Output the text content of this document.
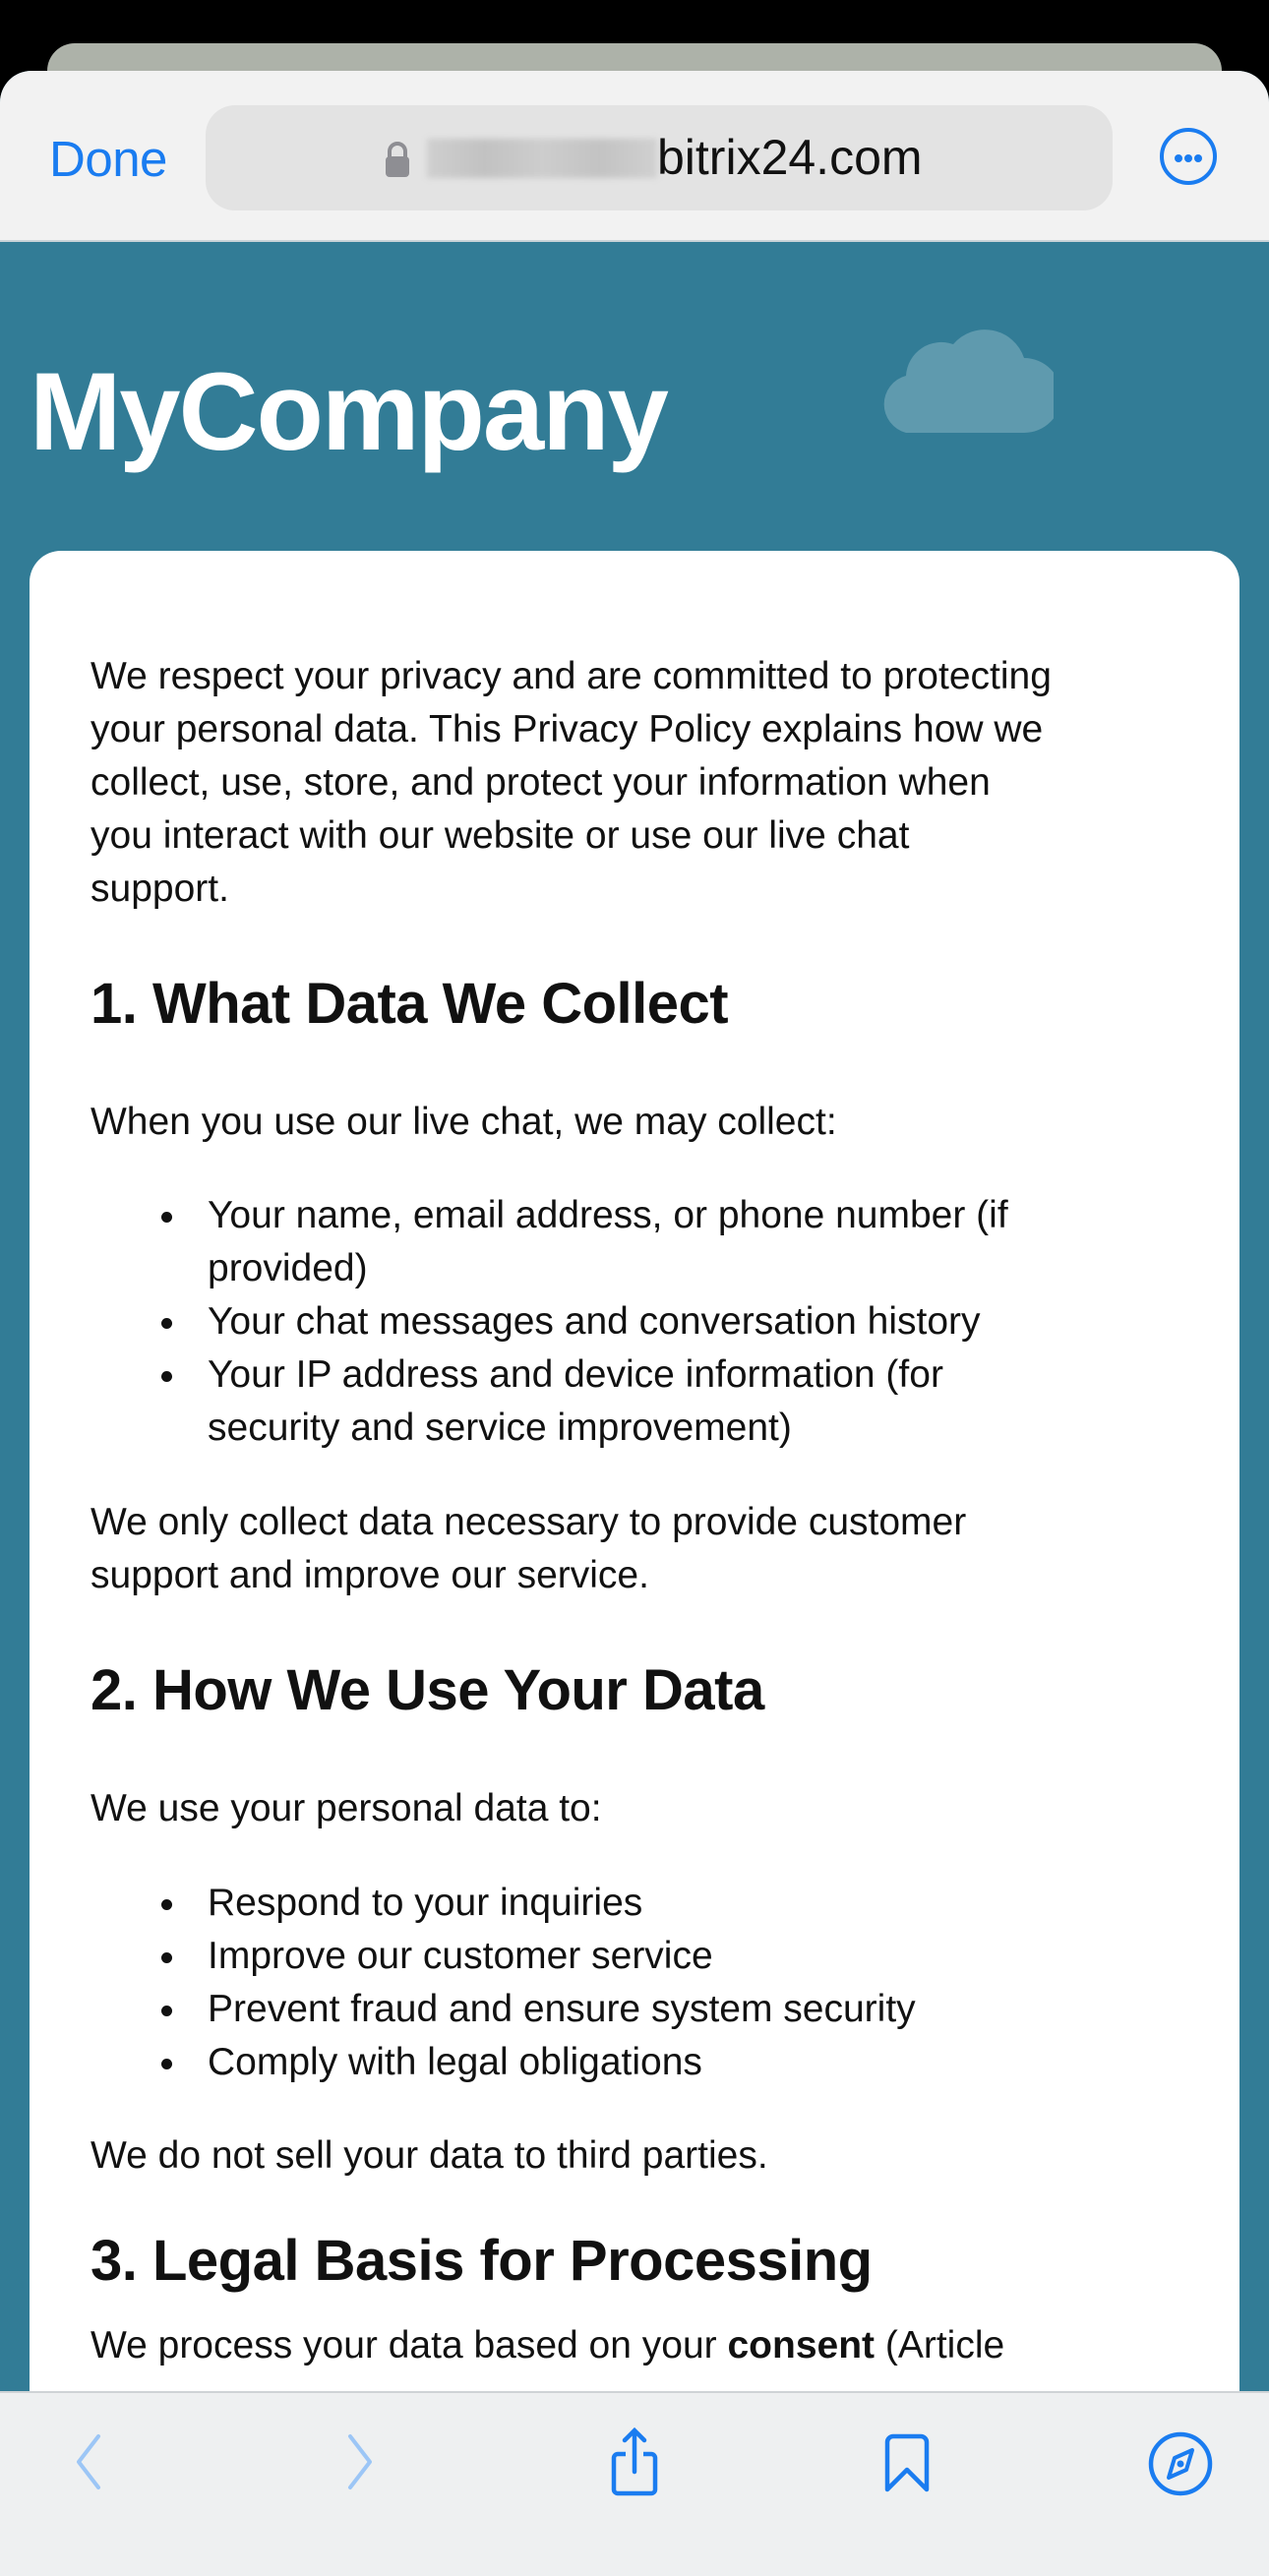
Done	bitrix24.com
MyCompany
We respect your privacy and are committed to protecting
your personal data. This Privacy Policy explains how we
collect, use, store, and protect your information when
you interact with our website or use our live chat
support.
1. What Data We Collect
When you use our live chat, we may collect:
Your name, email address, or phone number (if
provided)
Your chat messages and conversation history
Your IP address and device information (for
security and service improvement)
We only collect data necessary to provide customer
support and improve our service.
2. How We Use Your Data
We use your personal data to:
Respond to your inquiries
Improve our customer service
Prevent fraud and ensure system security
Comply with legal obligations
We do not sell your data to third parties.
3. Legal Basis for Processing
We process your data based on your consent (Article
